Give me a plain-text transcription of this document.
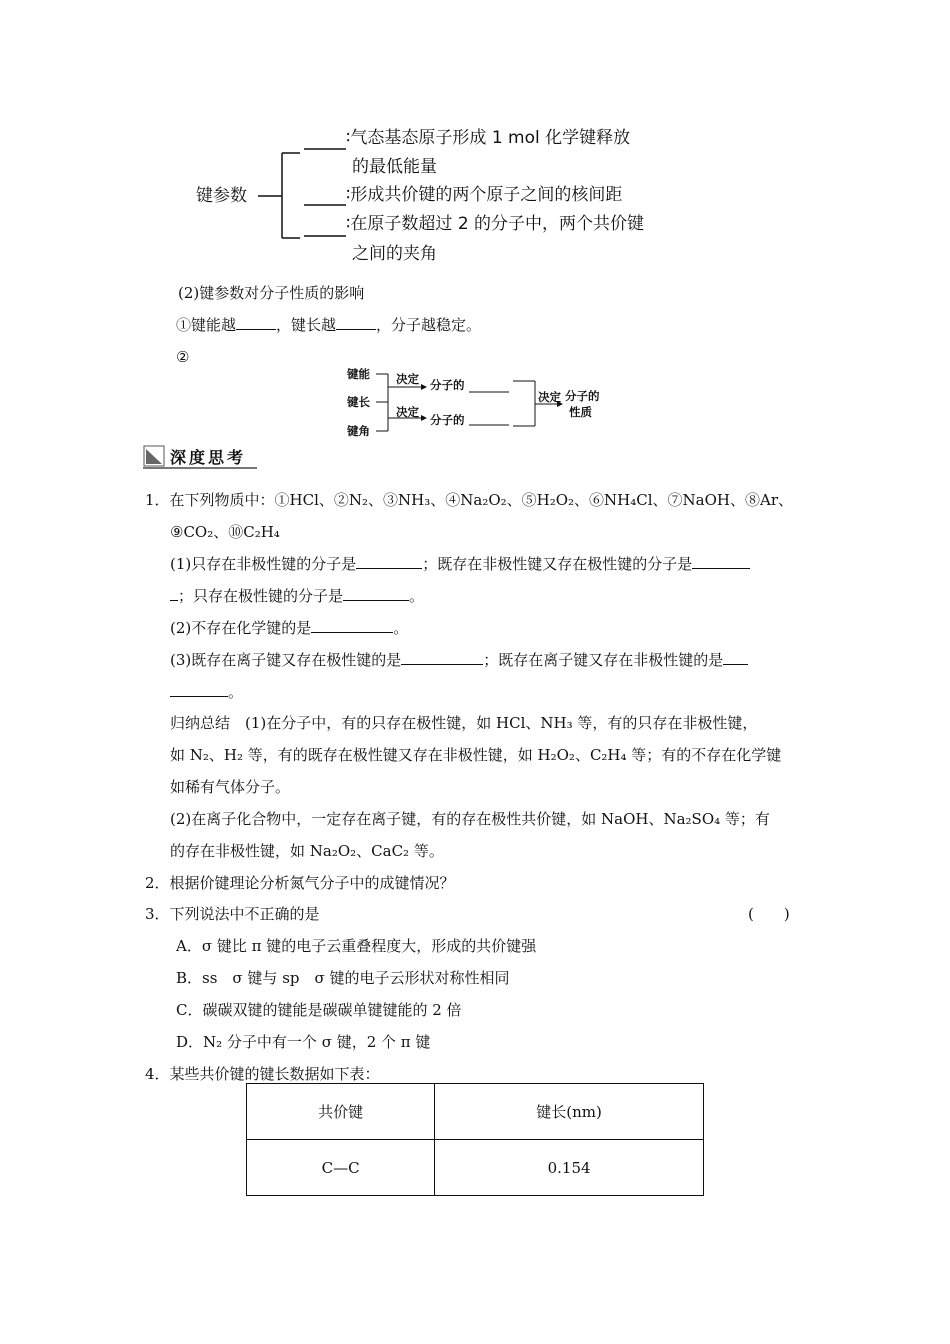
键参数
∶气态基态原子形成 1 mol 化学键释放
的最低能量
∶形成共价键的两个原子之间的核间距
∶在原子数超过 2 的分子中，两个共价键
之间的夹角
(2)键参数对分子性质的影响
①键能越	，键长越	，分子越稳定。
②
键能
键长
键角
决定
决定
分子的
分子的
决定 分子的
性质
深度思考
1．在下列物质中：①HCl、②N₂、③NH₃、④Na₂O₂、⑤H₂O₂、⑥NH₄Cl、⑦NaOH、⑧Ar、
⑨CO₂、⑩C₂H₄
(1)只存在非极性键的分子是	；既存在非极性键又存在极性键的分子是
；只存在极性键的分子是	。
(2)不存在化学键的是	。
(3)既存在离子键又存在极性键的是	；既存在离子键又存在非极性键的是
。
归纳总结　(1)在分子中，有的只存在极性键，如 HCl、NH₃ 等，有的只存在非极性键，
如 N₂、H₂ 等，有的既存在极性键又存在非极性键，如 H₂O₂、C₂H₄ 等；有的不存在化学键
如稀有气体分子。
(2)在离子化合物中，一定存在离子键，有的存在极性共价键，如 NaOH、Na₂SO₄ 等；有
的存在非极性键，如 Na₂O₂、CaC₂ 等。
2．根据价键理论分析氮气分子中的成键情况？
3．下列说法中不正确的是	(　　)
A．σ 键比 π 键的电子云重叠程度大，形成的共价键强
B．ss　σ 键与 sp　σ 键的电子云形状对称性相同
C．碳碳双键的键能是碳碳单键键能的 2 倍
D．N₂ 分子中有一个 σ 键，2 个 π 键
4．某些共价键的键长数据如下表：
共价键	键长(nm)
C—C	0.154
